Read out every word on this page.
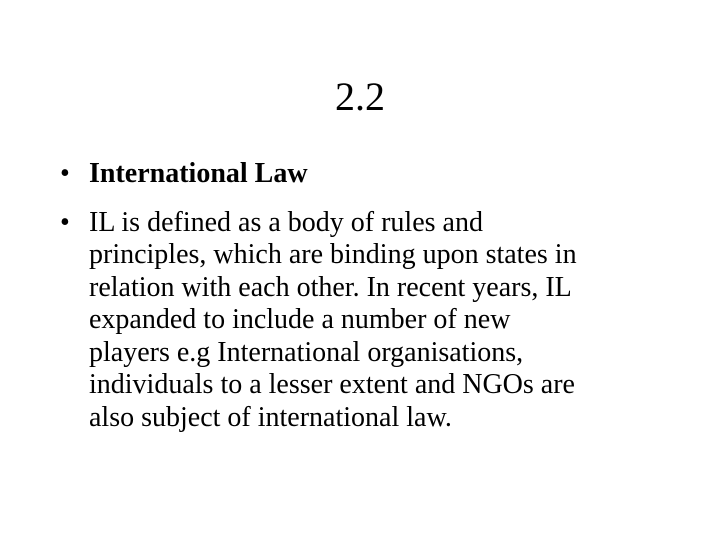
2.2
• International Law
• IL is defined as a body of rules and
principles, which are binding upon states in
relation with each other. In recent years, IL
expanded to include a number of new
players e.g International organisations,
individuals to a lesser extent and NGOs are
also subject of international law.
